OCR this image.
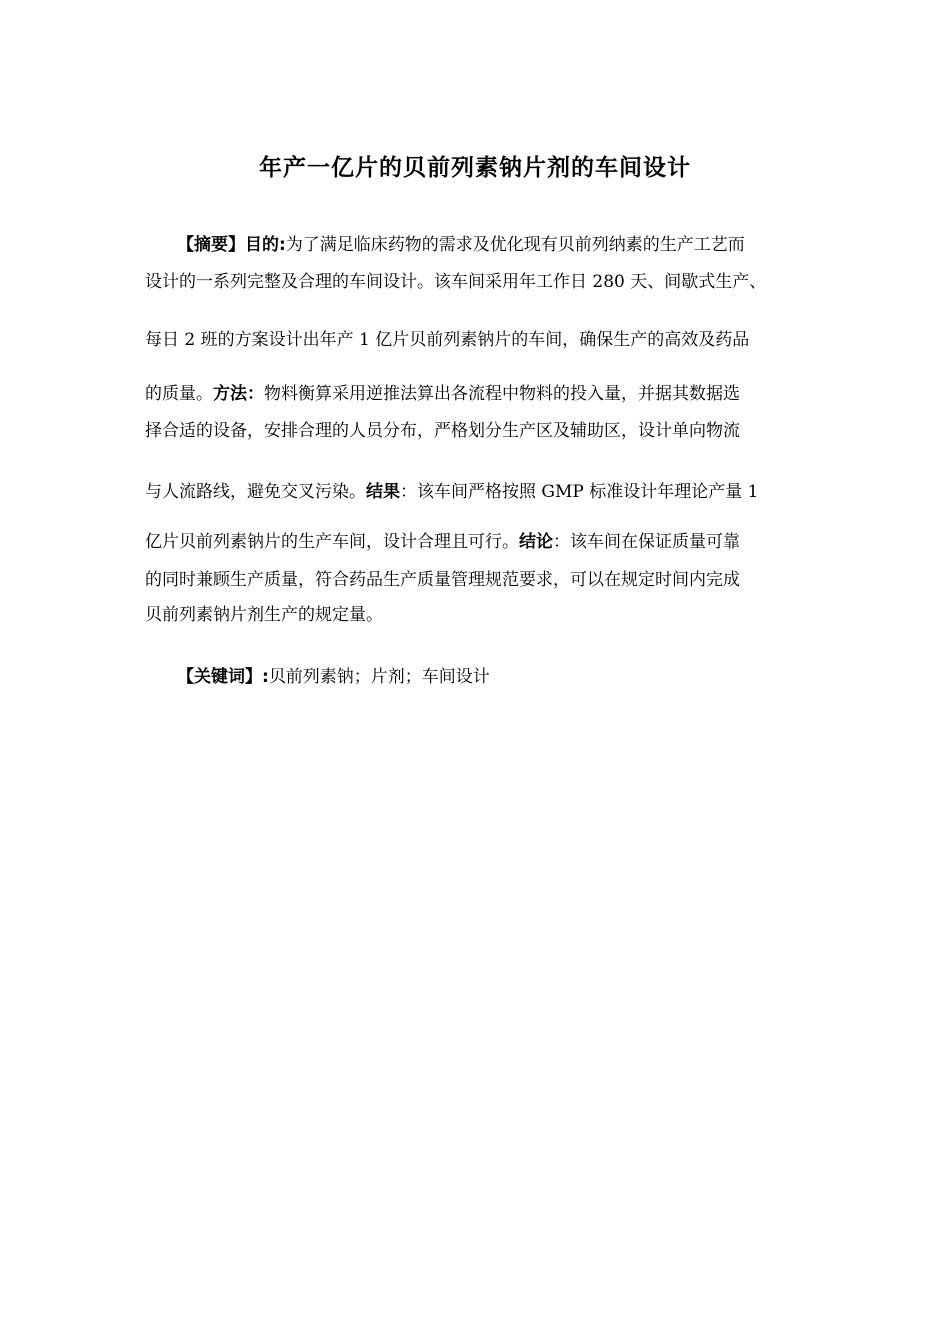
年产一亿片的贝前列素钠片剂的车间设计
【摘要】目的:为了满足临床药物的需求及优化现有贝前列纳素的生产工艺而
设计的一系列完整及合理的车间设计。该车间采用年工作日 280 天、间歇式生产、
每日 2 班的方案设计出年产 1 亿片贝前列素钠片的车间，确保生产的高效及药品
的质量。方法：物料衡算采用逆推法算出各流程中物料的投入量，并据其数据选
择合适的设备，安排合理的人员分布，严格划分生产区及辅助区，设计单向物流
与人流路线，避免交叉污染。结果：该车间严格按照 GMP 标准设计年理论产量 1
亿片贝前列素钠片的生产车间，设计合理且可行。结论：该车间在保证质量可靠
的同时兼顾生产质量，符合药品生产质量管理规范要求，可以在规定时间内完成
贝前列素钠片剂生产的规定量。
【关键词】:贝前列素钠；片剂；车间设计
